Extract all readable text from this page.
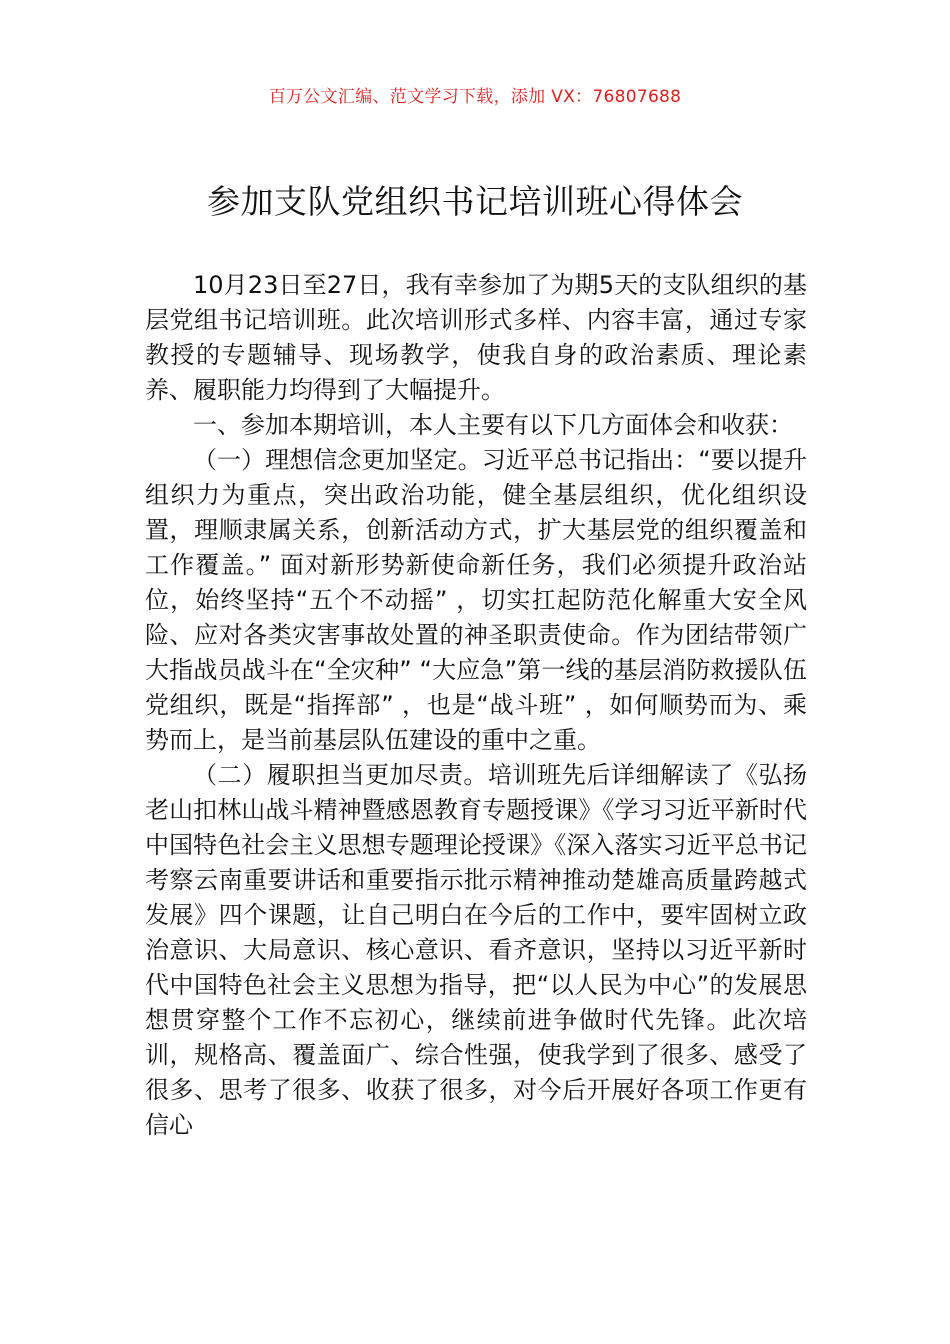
百万公文汇编、范文学习下载，添加 VX：76807688
参加支队党组织书记培训班心得体会

10月23日至27日，我有幸参加了为期5天的支队组织的基层党组书记培训班。此次培训形式多样、内容丰富，通过专家教授的专题辅导、现场教学，使我自身的政治素质、理论素养、履职能力均得到了大幅提升。

一、参加本期培训，本人主要有以下几方面体会和收获：

（一）理想信念更加坚定。习近平总书记指出：“要以提升组织力为重点，突出政治功能，健全基层组织，优化组织设置，理顺隶属关系，创新活动方式，扩大基层党的组织覆盖和工作覆盖。” 面对新形势新使命新任务，我们必须提升政治站位，始终坚持“五个不动摇” ，切实扛起防范化解重大安全风险、应对各类灾害事故处置的神圣职责使命。作为团结带领广大指战员战斗在“全灾种” “大应急”第一线的基层消防救援队伍党组织，既是“指挥部” ，也是“战斗班” ，如何顺势而为、乘势而上，是当前基层队伍建设的重中之重。

（二）履职担当更加尽责。培训班先后详细解读了《弘扬老山扣林山战斗精神暨感恩教育专题授课》《学习习近平新时代中国特色社会主义思想专题理论授课》《深入落实习近平总书记考察云南重要讲话和重要指示批示精神推动楚雄高质量跨越式发展》四个课题，让自己明白在今后的工作中，要牢固树立政治意识、大局意识、核心意识、看齐意识，坚持以习近平新时代中国特色社会主义思想为指导，把“以人民为中心”的发展思想贯穿整个工作不忘初心，继续前进争做时代先锋。此次培训，规格高、覆盖面广、综合性强，使我学到了很多、感受了很多、思考了很多、收获了很多，对今后开展好各项工作更有信心
